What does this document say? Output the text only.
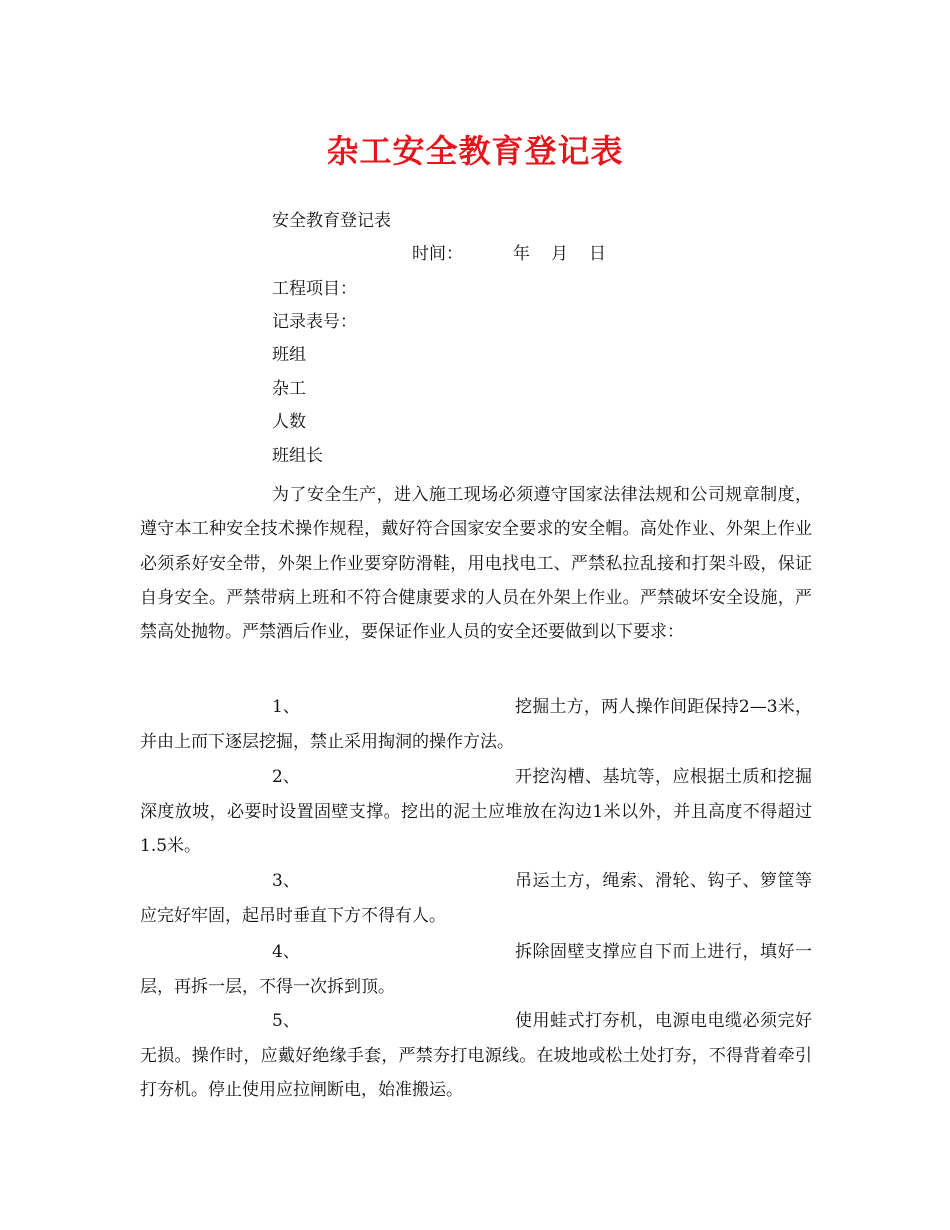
杂工安全教育登记表
安全教育登记表
时间：	年　月　日
工程项目：
记录表号：
班组
杂工
人数
班组长
为了安全生产，进入施工现场必须遵守国家法律法规和公司规章制度，遵守本工种安全技术操作规程，戴好符合国家安全要求的安全帽。高处作业、外架上作业必须系好安全带，外架上作业要穿防滑鞋，用电找电工、严禁私拉乱接和打架斗殴，保证自身安全。严禁带病上班和不符合健康要求的人员在外架上作业。严禁破坏安全设施，严禁高处抛物。严禁酒后作业，要保证作业人员的安全还要做到以下要求：
1、	挖掘土方，两人操作间距保持2—3米，并由上而下逐层挖掘，禁止采用掏洞的操作方法。
2、	开挖沟槽、基坑等，应根据土质和挖掘深度放坡，必要时设置固壁支撑。挖出的泥土应堆放在沟边1米以外，并且高度不得超过1.5米。
3、	吊运土方，绳索、滑轮、钩子、箩筐等应完好牢固，起吊时垂直下方不得有人。
4、	拆除固壁支撑应自下而上进行，填好一层，再拆一层，不得一次拆到顶。
5、	使用蛙式打夯机，电源电电缆必须完好无损。操作时，应戴好绝缘手套，严禁夯打电源线。在坡地或松土处打夯，不得背着牵引打夯机。停止使用应拉闸断电，始准搬运。
